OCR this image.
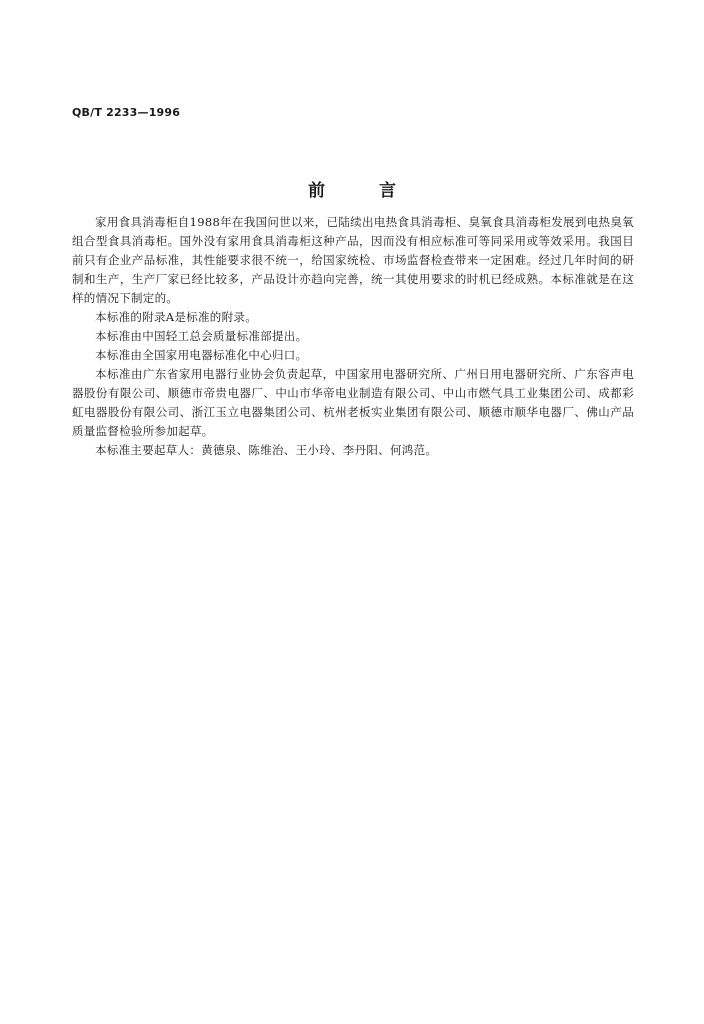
QB/T 2233—1996
前	言

家用食具消毒柜自1988年在我国问世以来，已陆续出电热食具消毒柜、臭氧食具消毒柜发展到电热臭氧组合型食具消毒柜。国外没有家用食具消毒柜这种产品，因而没有相应标准可等同采用或等效采用。我国目前只有企业产品标准，其性能要求很不统一，给国家统检、市场监督检查带来一定困难。经过几年时间的研制和生产，生产厂家已经比较多，产品设计亦趋向完善，统一其使用要求的时机已经成熟。本标准就是在这样的情况下制定的。

本标准的附录A是标准的附录。

本标准由中国轻工总会质量标准部提出。

本标准由全国家用电器标准化中心归口。

本标准由广东省家用电器行业协会负责起草，中国家用电器研究所、广州日用电器研究所、广东容声电器股份有限公司、顺德市帝贵电器厂、中山市华帝电业制造有限公司、中山市燃气具工业集团公司、成都彩虹电器股份有限公司、浙江玉立电器集团公司、杭州老板实业集团有限公司、顺德市顺华电器厂、佛山产品质量监督检验所参加起草。

本标准主要起草人：黄德泉、陈维治、王小玲、李丹阳、何鸿范。
